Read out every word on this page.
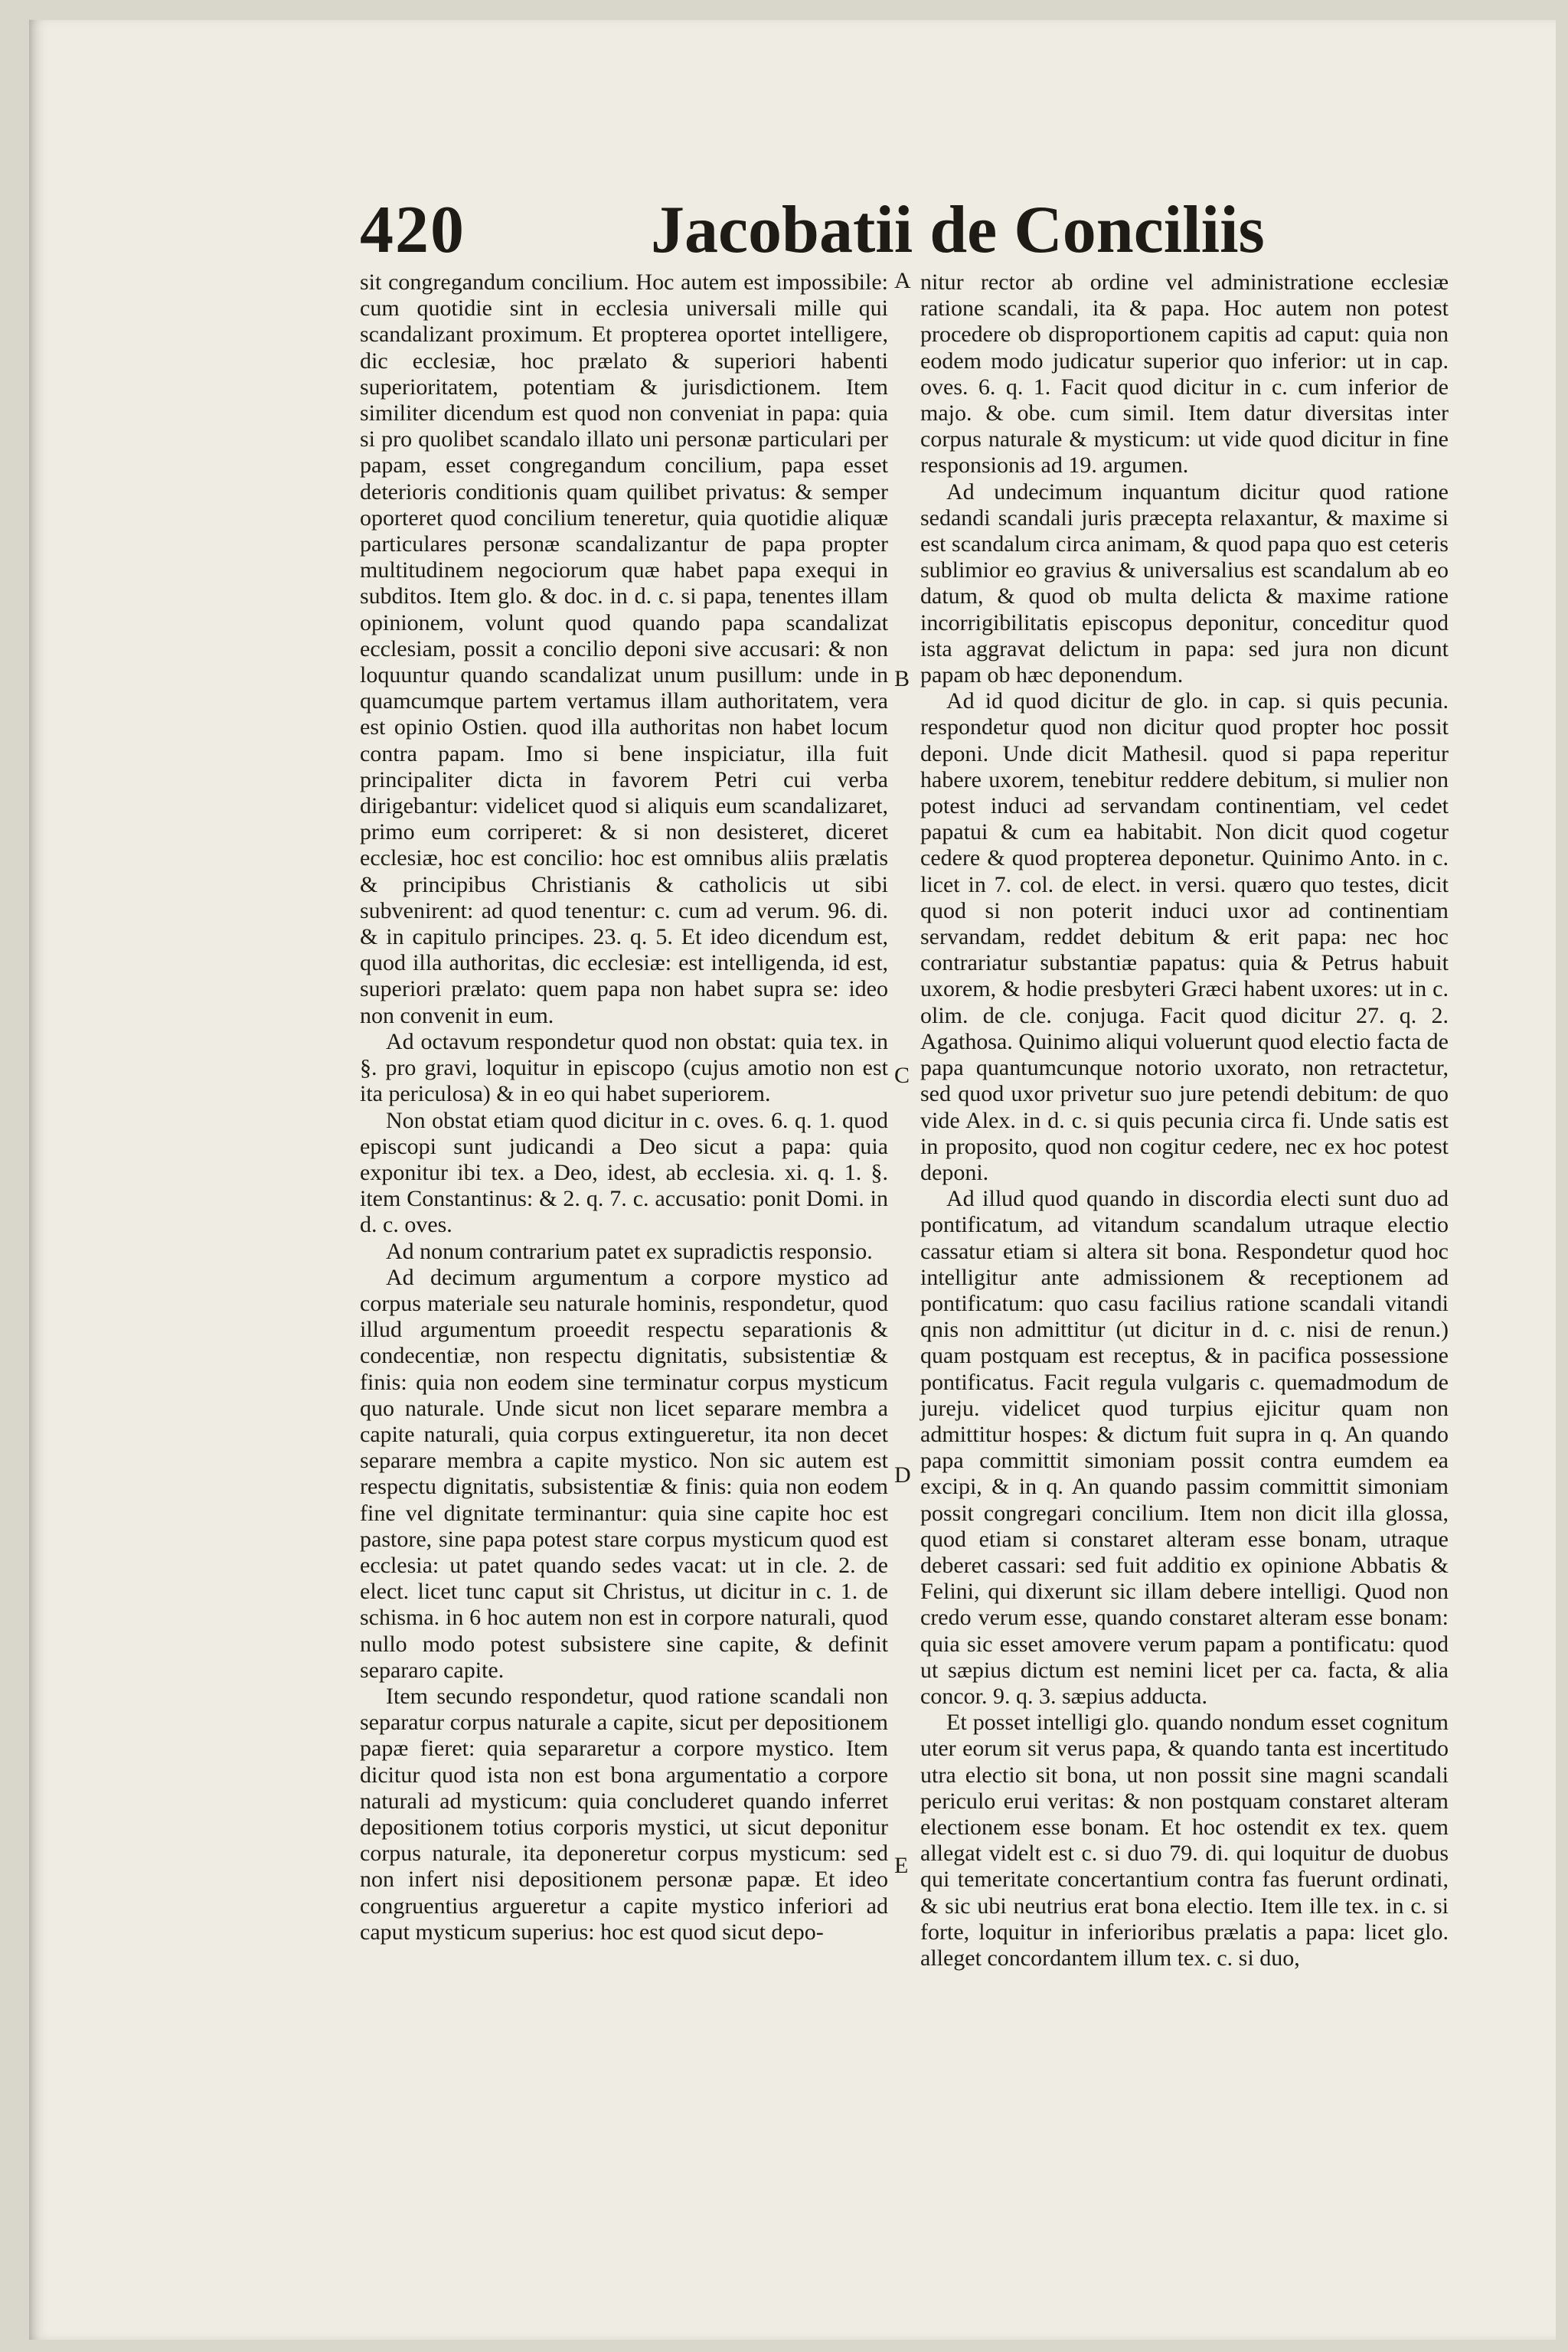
420	Jacobatii de Conciliis

sit congregandum concilium. Hoc autem est impossibile: cum quotidie sint in ecclesia universali mille qui scandalizant proximum. Et propterea oportet intelligere, dic ecclesiæ, hoc prælato & superiori habenti superioritatem, potentiam & jurisdictionem. Item similiter dicendum est quod non conveniat in papa: quia si pro quolibet scandalo illato uni personæ particulari per papam, esset congregandum concilium, papa esset deterioris conditionis quam quilibet privatus: & semper oporteret quod concilium teneretur, quia quotidie aliquæ particulares personæ scandalizantur de papa propter multitudinem negociorum quæ habet papa exequi in subditos. Item glo. & doc. in d. c. si papa, tenentes illam opinionem, volunt quod quando papa scandalizat ecclesiam, possit a concilio deponi sive accusari: & non loquuntur quando scandalizat unum pusillum: unde in quamcumque partem vertamus illam authoritatem, vera est opinio Ostien. quod illa authoritas non habet locum contra papam. Imo si bene inspiciatur, illa fuit principaliter dicta in favorem Petri cui verba dirigebantur: videlicet quod si aliquis eum scandalizaret, primo eum corriperet: & si non desisteret, diceret ecclesiæ, hoc est concilio: hoc est omnibus aliis prælatis & principibus Christianis & catholicis ut sibi subvenirent: ad quod tenentur: c. cum ad verum. 96. di. & in capitulo principes. 23. q. 5. Et ideo dicendum est, quod illa authoritas, dic ecclesiæ: est intelligenda, id est, superiori prælato: quem papa non habet supra se: ideo non convenit in eum.

Ad octavum respondetur quod non obstat: quia tex. in §. pro gravi, loquitur in episcopo (cujus amotio non est ita periculosa) & in eo qui habet superiorem.

Non obstat etiam quod dicitur in c. oves. 6. q. 1. quod episcopi sunt judicandi a Deo sicut a papa: quia exponitur ibi tex. a Deo, idest, ab ecclesia. xi. q. 1. §. item Constantinus: & 2. q. 7. c. accusatio: ponit Domi. in d. c. oves.

Ad nonum contrarium patet ex supradictis responsio.

Ad decimum argumentum a corpore mystico ad corpus materiale seu naturale hominis, respondetur, quod illud argumentum proeedit respectu separationis & condecentiæ, non respectu dignitatis, subsistentiæ & finis: quia non eodem sine terminatur corpus mysticum quo naturale. Unde sicut non licet separare membra a capite naturali, quia corpus extingueretur, ita non decet separare membra a capite mystico. Non sic autem est respectu dignitatis, subsistentiæ & finis: quia non eodem fine vel dignitate terminantur: quia sine capite hoc est pastore, sine papa potest stare corpus mysticum quod est ecclesia: ut patet quando sedes vacat: ut in cle. 2. de elect. licet tunc caput sit Christus, ut dicitur in c. 1. de schisma. in 6 hoc autem non est in corpore naturali, quod nullo modo potest subsistere sine capite, & definit separaro capite.

Item secundo respondetur, quod ratione scandali non separatur corpus naturale a capite, sicut per depositionem papæ fieret: quia separaretur a corpore mystico. Item dicitur quod ista non est bona argumentatio a corpore naturali ad mysticum: quia concluderet quando inferret depositionem totius corporis mystici, ut sicut deponitur corpus naturale, ita deponeretur corpus mysticum: sed non infert nisi depositionem personæ papæ. Et ideo congruentius argueretur a capite mystico inferiori ad caput mysticum superius: hoc est quod sicut depo-

A
B
C
D
E

nitur rector ab ordine vel administratione ecclesiæ ratione scandali, ita & papa. Hoc autem non potest procedere ob disproportionem capitis ad caput: quia non eodem modo judicatur superior quo inferior: ut in cap. oves. 6. q. 1. Facit quod dicitur in c. cum inferior de majo. & obe. cum simil. Item datur diversitas inter corpus naturale & mysticum: ut vide quod dicitur in fine responsionis ad 19. argumen.

Ad undecimum inquantum dicitur quod ratione sedandi scandali juris præcepta relaxantur, & maxime si est scandalum circa animam, & quod papa quo est ceteris sublimior eo gravius & universalius est scandalum ab eo datum, & quod ob multa delicta & maxime ratione incorrigibilitatis episcopus deponitur, conceditur quod ista aggravat delictum in papa: sed jura non dicunt papam ob hæc deponendum.

Ad id quod dicitur de glo. in cap. si quis pecunia. respondetur quod non dicitur quod propter hoc possit deponi. Unde dicit Mathesil. quod si papa reperitur habere uxorem, tenebitur reddere debitum, si mulier non potest induci ad servandam continentiam, vel cedet papatui & cum ea habitabit. Non dicit quod cogetur cedere & quod propterea deponetur. Quinimo Anto. in c. licet in 7. col. de elect. in versi. quæro quo testes, dicit quod si non poterit induci uxor ad continentiam servandam, reddet debitum & erit papa: nec hoc contrariatur substantiæ papatus: quia & Petrus habuit uxorem, & hodie presbyteri Græci habent uxores: ut in c. olim. de cle. conjuga. Facit quod dicitur 27. q. 2. Agathosa. Quinimo aliqui voluerunt quod electio facta de papa quantumcunque notorio uxorato, non retractetur, sed quod uxor privetur suo jure petendi debitum: de quo vide Alex. in d. c. si quis pecunia circa fi. Unde satis est in proposito, quod non cogitur cedere, nec ex hoc potest deponi.

Ad illud quod quando in discordia electi sunt duo ad pontificatum, ad vitandum scandalum utraque electio cassatur etiam si altera sit bona. Respondetur quod hoc intelligitur ante admissionem & receptionem ad pontificatum: quo casu facilius ratione scandali vitandi qnis non admittitur (ut dicitur in d. c. nisi de renun.) quam postquam est receptus, & in pacifica possessione pontificatus. Facit regula vulgaris c. quemadmodum de jureju. videlicet quod turpius ejicitur quam non admittitur hospes: & dictum fuit supra in q. An quando papa committit simoniam possit contra eumdem ea excipi, & in q. An quando passim committit simoniam possit congregari concilium. Item non dicit illa glossa, quod etiam si constaret alteram esse bonam, utraque deberet cassari: sed fuit additio ex opinione Abbatis & Felini, qui dixerunt sic illam debere intelligi. Quod non credo verum esse, quando constaret alteram esse bonam: quia sic esset amovere verum papam a pontificatu: quod ut sæpius dictum est nemini licet per ca. facta, & alia concor. 9. q. 3. sæpius adducta.

Et posset intelligi glo. quando nondum esset cognitum uter eorum sit verus papa, & quando tanta est incertitudo utra electio sit bona, ut non possit sine magni scandali periculo erui veritas: & non postquam constaret alteram electionem esse bonam. Et hoc ostendit ex tex. quem allegat videlt est c. si duo 79. di. qui loquitur de duobus qui temeritate concertantium contra fas fuerunt ordinati, & sic ubi neutrius erat bona electio. Item ille tex. in c. si forte, loquitur in inferioribus prælatis a papa: licet glo. alleget concordantem illum tex. c. si duo,
